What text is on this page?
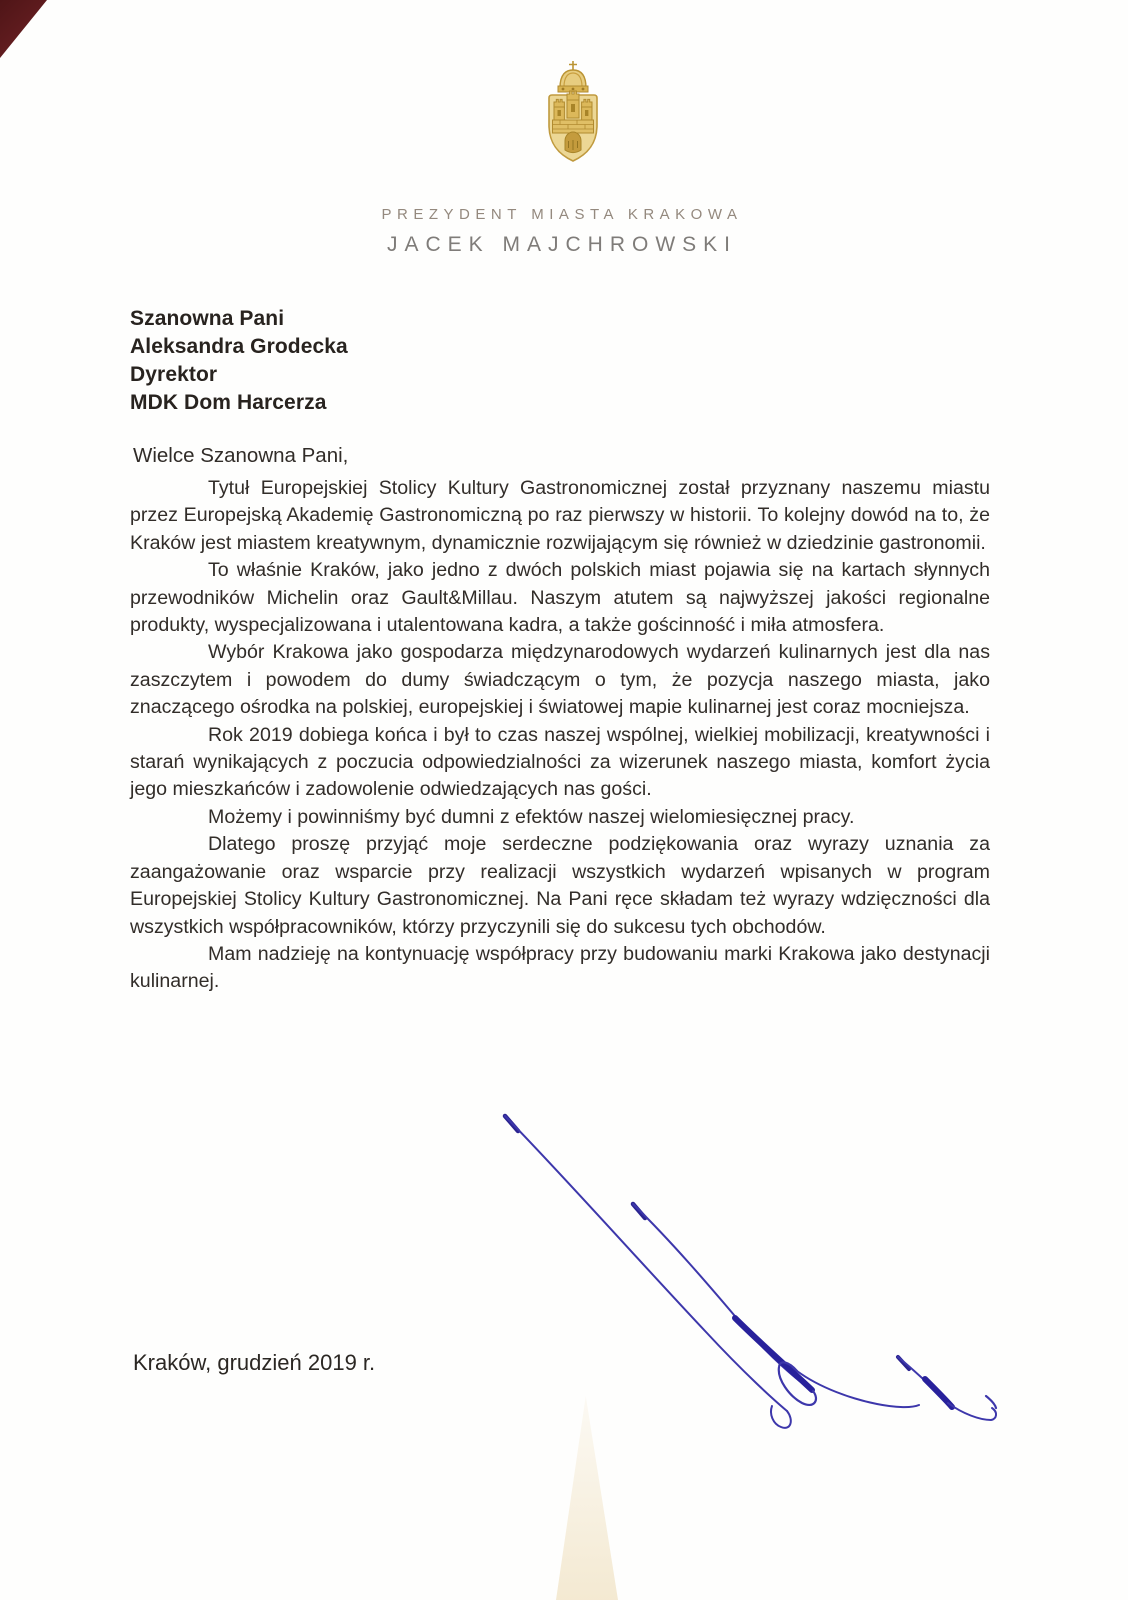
PREZYDENT MIASTA KRAKOWA
JACEK MAJCHROWSKI
Szanowna Pani
Aleksandra Grodecka
Dyrektor
MDK Dom Harcerza
Wielce Szanowna Pani,

Tytuł Europejskiej Stolicy Kultury Gastronomicznej został przyznany naszemu miastu przez Europejską Akademię Gastronomiczną po raz pierwszy w historii. To kolejny dowód na to, że Kraków jest miastem kreatywnym, dynamicznie rozwijającym się również w dziedzinie gastronomii.

To właśnie Kraków, jako jedno z dwóch polskich miast pojawia się na kartach słynnych przewodników Michelin oraz Gault&Millau. Naszym atutem są najwyższej jakości regionalne produkty, wyspecjalizowana i utalentowana kadra, a także gościnność i miła atmosfera.

Wybór Krakowa jako gospodarza międzynarodowych wydarzeń kulinarnych jest dla nas zaszczytem i powodem do dumy świadczącym o tym, że pozycja naszego miasta, jako znaczącego ośrodka na polskiej, europejskiej i światowej mapie kulinarnej jest coraz mocniejsza.

Rok 2019 dobiega końca i był to czas naszej wspólnej, wielkiej mobilizacji, kreatywności i starań wynikających z poczucia odpowiedzialności za wizerunek naszego miasta, komfort życia jego mieszkańców i zadowolenie odwiedzających nas gości.

Możemy i powinniśmy być dumni z efektów naszej wielomiesięcznej pracy.

Dlatego proszę przyjąć moje serdeczne podziękowania oraz wyrazy uznania za zaangażowanie oraz wsparcie przy realizacji wszystkich wydarzeń wpisanych w program Europejskiej Stolicy Kultury Gastronomicznej. Na Pani ręce składam też wyrazy wdzięczności dla wszystkich współpracowników, którzy przyczynili się do sukcesu tych obchodów.

Mam nadzieję na kontynuację współpracy przy budowaniu marki Krakowa jako destynacji kulinarnej.

Kraków, grudzień 2019 r.
